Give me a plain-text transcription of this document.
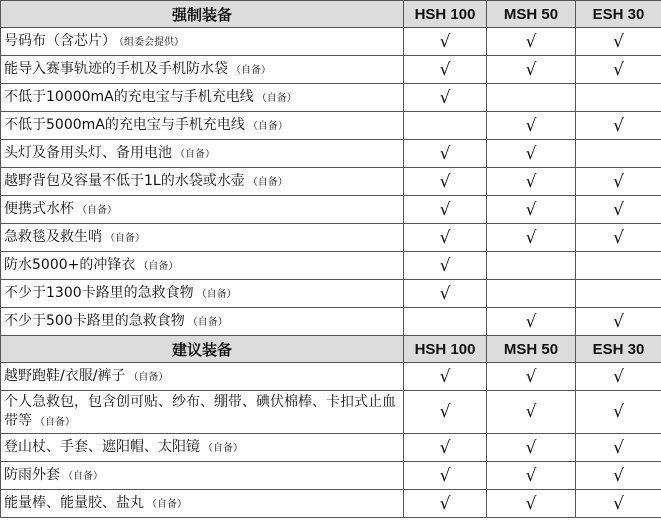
强制装备	HSH 100	MSH 50	ESH 30
号码布（含芯片） （组委会提供）	√	√	√
能导入赛事轨迹的手机及手机防水袋 （自备）	√	√	√
不低于10000mA的充电宝与手机充电线 （自备）	√		
不低于5000mA的充电宝与手机充电线 （自备）		√	√
头灯及备用头灯、备用电池 （自备）	√	√	
越野背包及容量不低于1L的水袋或水壶 （自备）	√	√	√
便携式水杯 （自备）	√	√	√
急救毯及救生哨 （自备）	√	√	√
防水5000+的冲锋衣 （自备）	√		
不少于1300卡路里的急救食物 （自备）	√		
不少于500卡路里的急救食物 （自备）		√	√
建议装备	HSH 100	MSH 50	ESH 30
越野跑鞋/衣服/裤子 （自备）	√	√	√
个人急救包，包含创可贴、纱布、绷带、碘伏棉棒、卡扣式止血带等 （自备）	√	√	√
登山杖、手套、遮阳帽、太阳镜 （自备）	√	√	√
防雨外套 （自备）	√	√	√
能量棒、能量胶、盐丸 （自备）	√	√	√
